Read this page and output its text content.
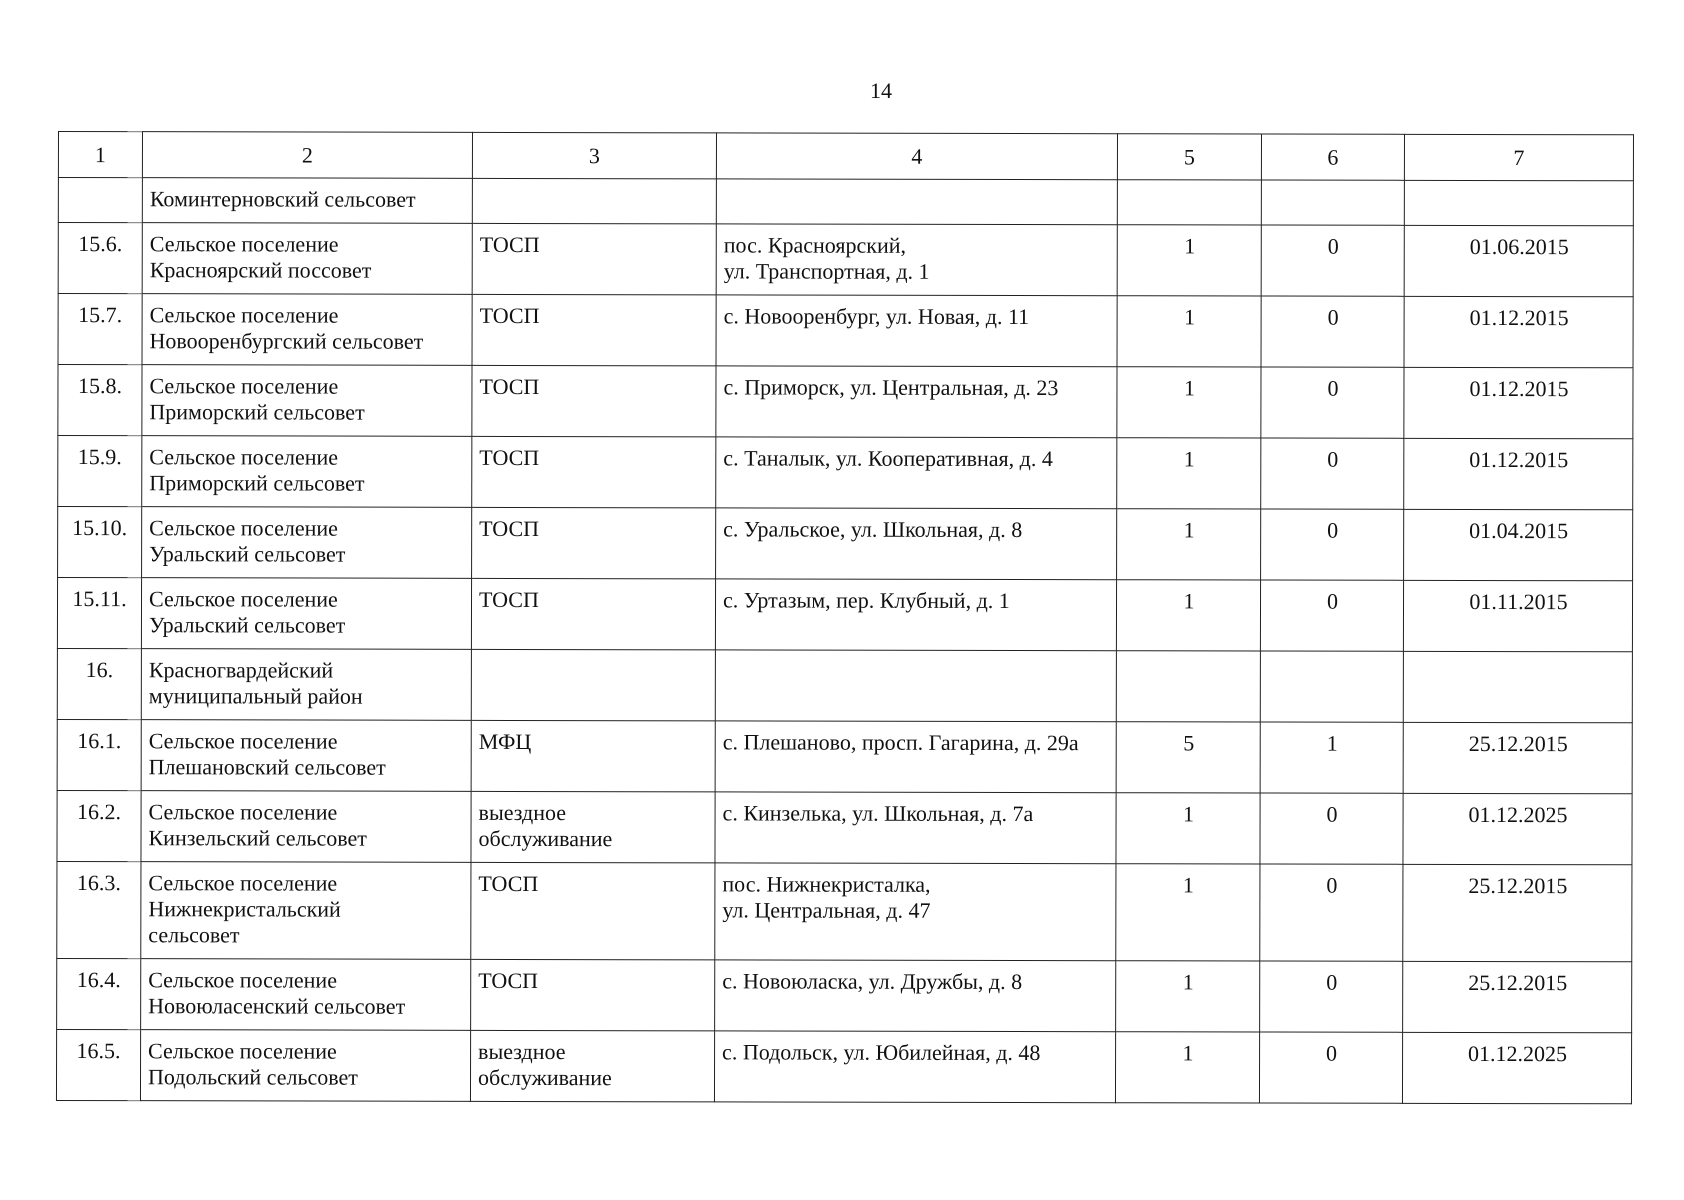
14
1	2	3	4	5	6	7

	Коминтерновский сельсовет					

15.6.	Сельское поселение
Красноярский поссовет	ТОСП	пос. Красноярский,
ул. Транспортная, д. 1	1	0	01.06.2015
15.7.	Сельское поселение
Новооренбургский сельсовет	ТОСП	с. Новооренбург, ул. Новая, д. 11	1	0	01.12.2015
15.8.	Сельское поселение
Приморский сельсовет	ТОСП	с. Приморск, ул. Центральная, д. 23	1	0	01.12.2015
15.9.	Сельское поселение
Приморский сельсовет	ТОСП	с. Таналык, ул. Кооперативная, д. 4	1	0	01.12.2015
15.10.	Сельское поселение
Уральский сельсовет	ТОСП	с. Уральское, ул. Школьная, д. 8	1	0	01.04.2015
15.11.	Сельское поселение
Уральский сельсовет	ТОСП	с. Уртазым, пер. Клубный, д. 1	1	0	01.11.2015
16.	Красногвардейский
муниципальный район					

16.1.	Сельское поселение
Плешановский сельсовет	МФЦ	с. Плешаново, просп. Гагарина, д. 29а	5	1	25.12.2015
16.2.	Сельское поселение
Кинзельский сельсовет	выездное
обслуживание	с. Кинзелька, ул. Школьная, д. 7а	1	0	01.12.2025
16.3.	Сельское поселение
Нижнекристальский
сельсовет	ТОСП	пос. Нижнекристалка,
ул. Центральная, д. 47	1	0	25.12.2015
16.4.	Сельское поселение
Новоюласенский сельсовет	ТОСП	с. Новоюласка, ул. Дружбы, д. 8	1	0	25.12.2015
16.5.	Сельское поселение
Подольский сельсовет	выездное
обслуживание	с. Подольск, ул. Юбилейная, д. 48	1	0	01.12.2025
